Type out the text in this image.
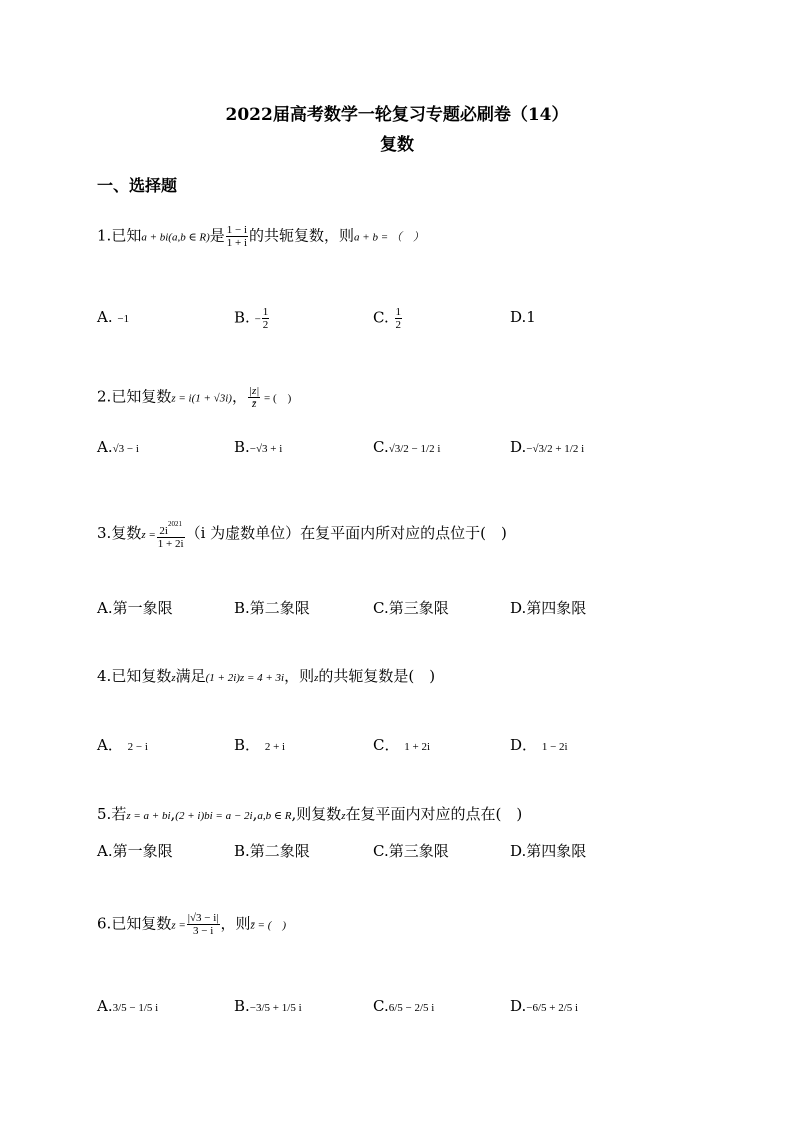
2022届高考数学一轮复习专题必刷卷（14）
复数
一、选择题
1.已知a + bi(a,b ∈ R)是 $\frac{1 - i}{1 + i}$ 的共轭复数，则a + b = （　）
A. −1	B. − $\frac{1}{2}$	C. $\frac{1}{2}$	D.1
2.已知复数z = i(1 + √3i)， $\frac{|z|}{z̄}$ = (　)
A.√3 − i	B.−√3 + i	C.√3/2 − 1/2 i	D.−√3/2 + 1/2 i
3.复数$z = \frac{2i^{2021}}{1 + 2i} (i$ 为虚数单位）在复平面内所对应的点位于(　)
A.第一象限	B.第二象限	C.第三象限	D.第四象限
4.已知复数z满足(1 + 2i)z = 4 + 3i，则z的共轭复数是(　)
A． 2 − i	B． 2 + i	C． 1 + 2i	D． 1 − 2i
5.若z = a + bi,(2 + i)bi = a − 2i,a,b ∈ R,则复数z在复平面内对应的点在(　)
A.第一象限	B.第二象限	C.第三象限	D.第四象限
6.已知复数$z = \frac{|√3 - i|}{3 - i}$ ，则z̄ = (　)
A.3/5 − 1/5 i	B.−3/5 + 1/5 i	C.6/5 − 2/5 i	D.−6/5 + 2/5 i
